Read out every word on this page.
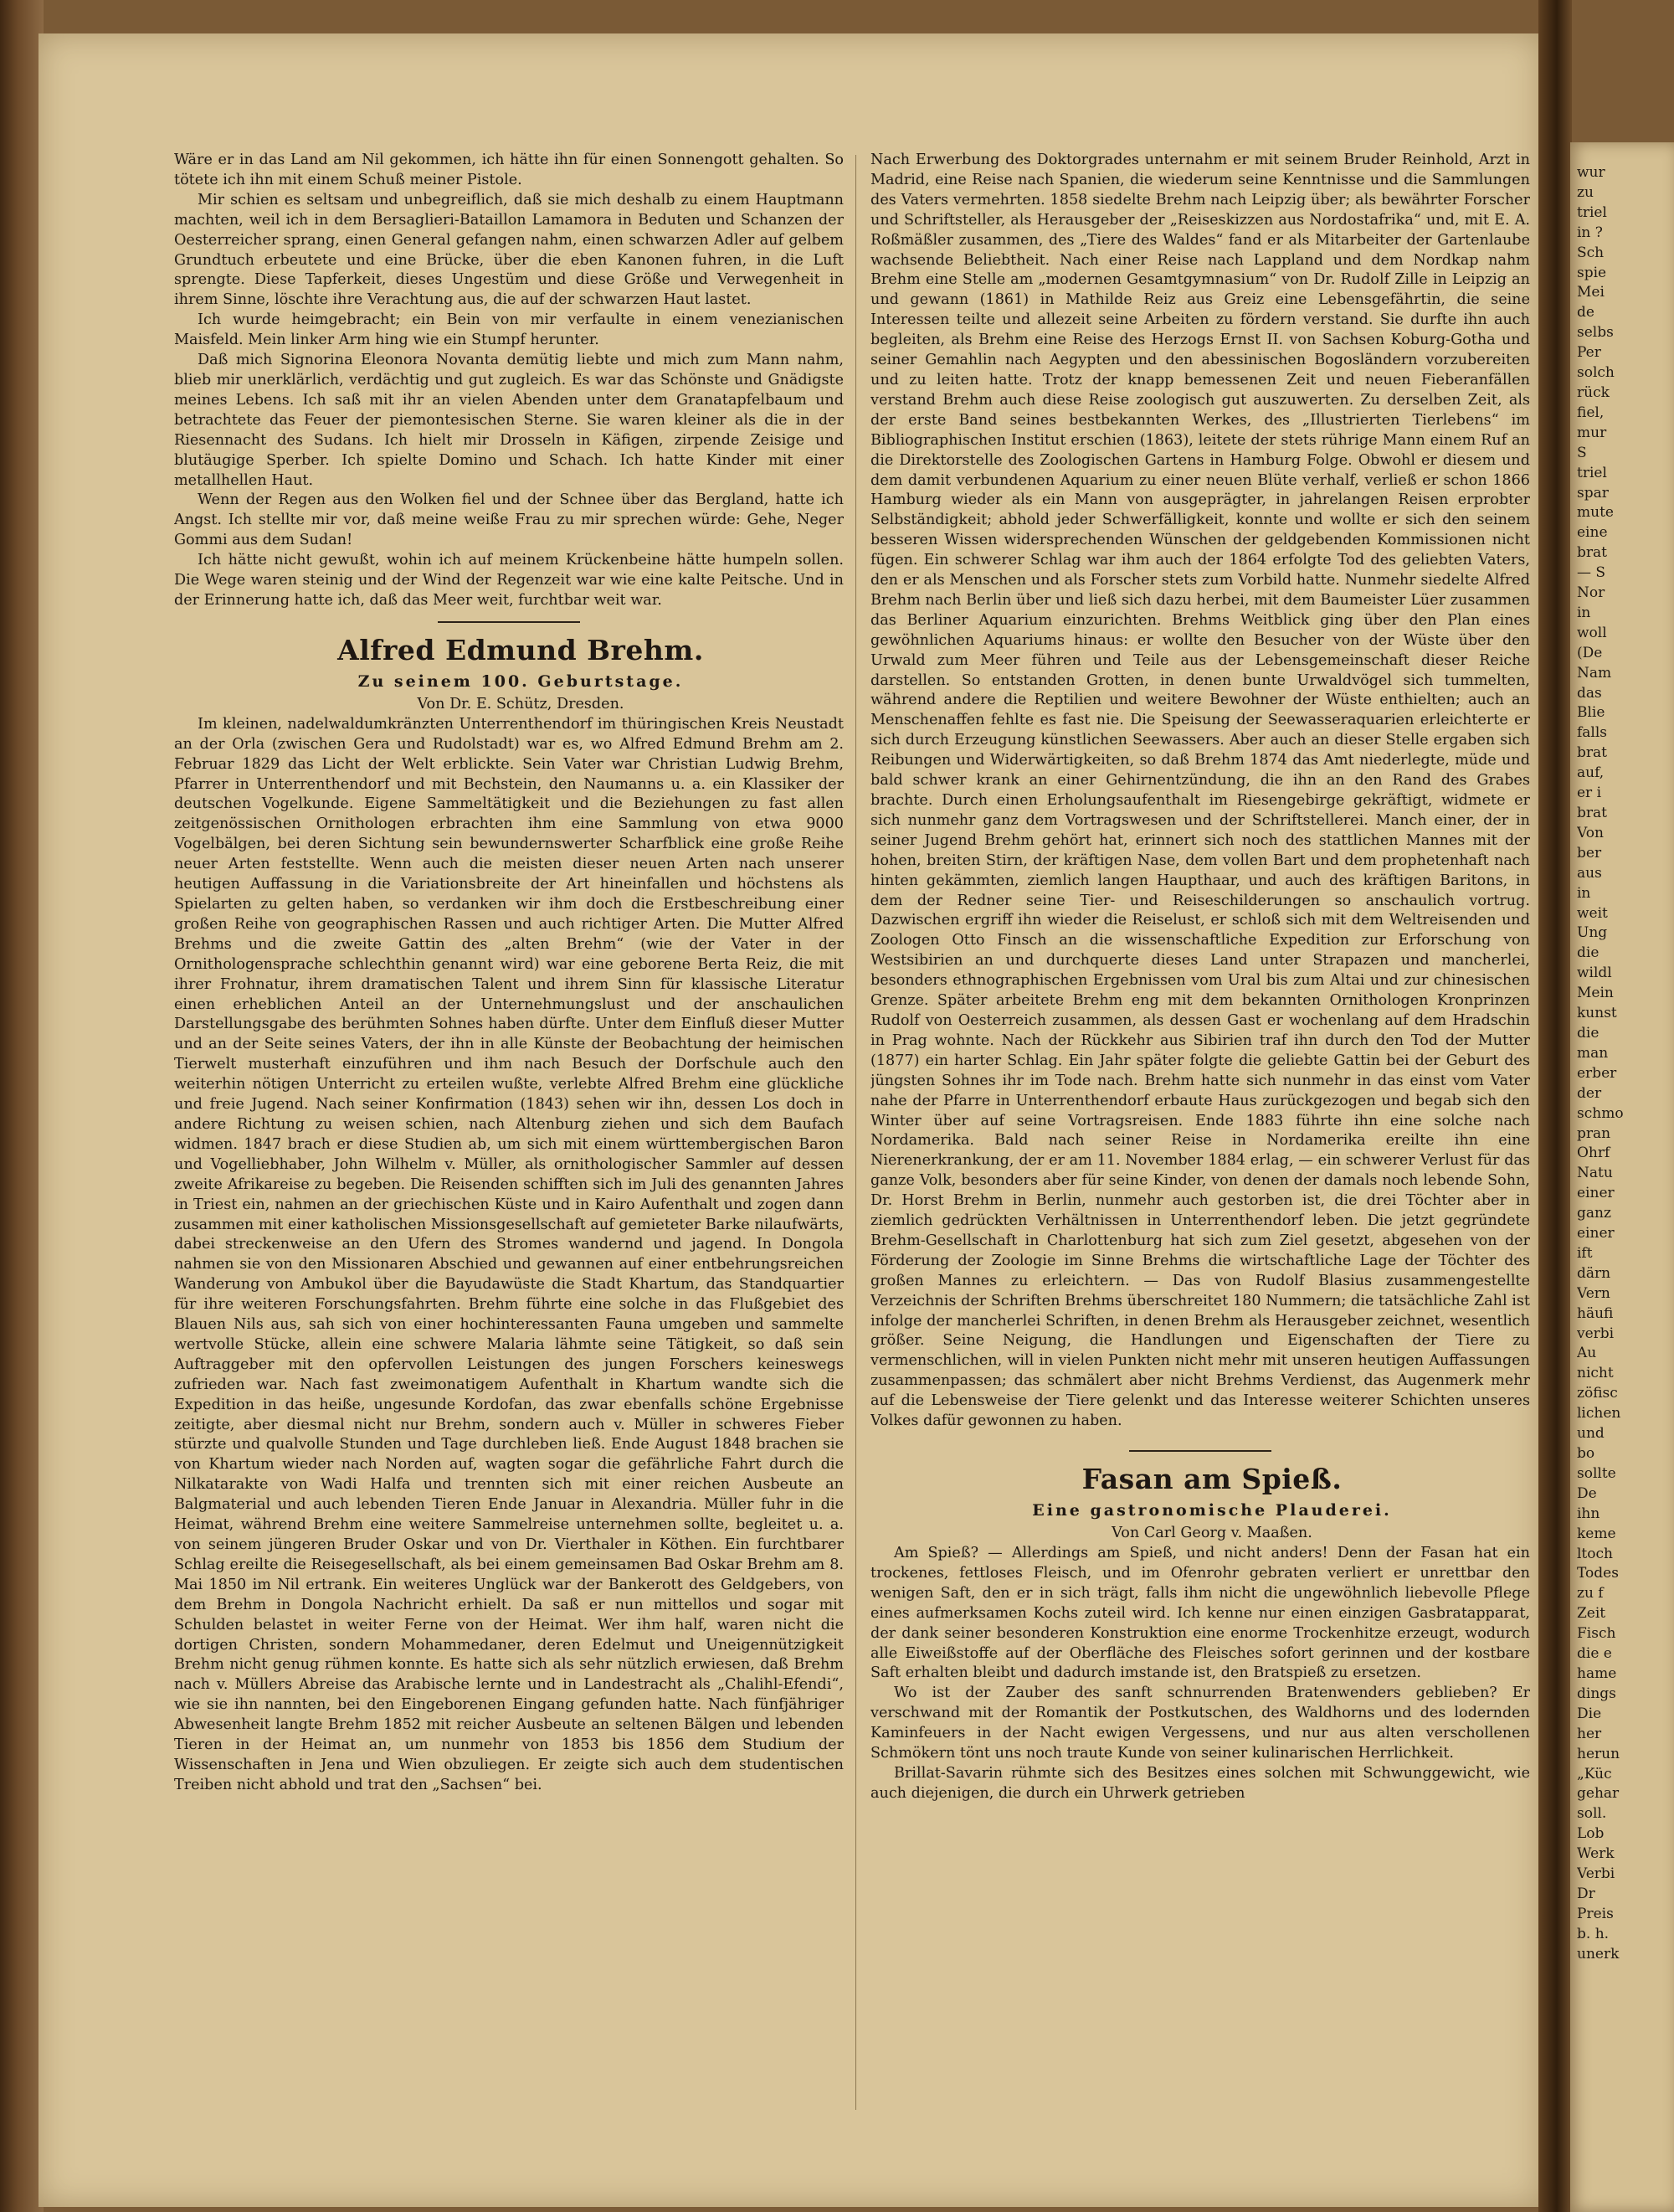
Wäre er in das Land am Nil gekommen, ich hätte ihn für einen Sonnengott gehalten. So tötete ich ihn mit einem Schuß meiner Pistole.

Mir schien es seltsam und unbegreiflich, daß sie mich deshalb zu einem Hauptmann machten, weil ich in dem Bersaglieri-Bataillon Lamamora in Beduten und Schanzen der Oesterreicher sprang, einen General gefangen nahm, einen schwarzen Adler auf gelbem Grundtuch erbeutete und eine Brücke, über die eben Kanonen fuhren, in die Luft sprengte. Diese Tapferkeit, dieses Ungestüm und diese Größe und Verwegenheit in ihrem Sinne, löschte ihre Verachtung aus, die auf der schwarzen Haut lastet.

Ich wurde heimgebracht; ein Bein von mir verfaulte in einem venezianischen Maisfeld. Mein linker Arm hing wie ein Stumpf herunter.

Daß mich Signorina Eleonora Novanta demütig liebte und mich zum Mann nahm, blieb mir unerklärlich, verdächtig und gut zugleich. Es war das Schönste und Gnädigste meines Lebens. Ich saß mit ihr an vielen Abenden unter dem Granatapfelbaum und betrachtete das Feuer der piemontesischen Sterne. Sie waren kleiner als die in der Riesennacht des Sudans. Ich hielt mir Drosseln in Käfigen, zirpende Zeisige und blutäugige Sperber. Ich spielte Domino und Schach. Ich hatte Kinder mit einer metallhellen Haut.

Wenn der Regen aus den Wolken fiel und der Schnee über das Bergland, hatte ich Angst. Ich stellte mir vor, daß meine weiße Frau zu mir sprechen würde: Gehe, Neger Gommi aus dem Sudan!

Ich hätte nicht gewußt, wohin ich auf meinem Krückenbeine hätte humpeln sollen. Die Wege waren steinig und der Wind der Regenzeit war wie eine kalte Peitsche. Und in der Erinnerung hatte ich, daß das Meer weit, furchtbar weit war.

Alfred Edmund Brehm.

Zu seinem 100. Geburtstage.

Von Dr. E. Schütz, Dresden.

Im kleinen, nadelwaldumkränzten Unterrenthendorf im thüringischen Kreis Neustadt an der Orla (zwischen Gera und Rudolstadt) war es, wo Alfred Edmund Brehm am 2. Februar 1829 das Licht der Welt erblickte. Sein Vater war Christian Ludwig Brehm, Pfarrer in Unterrenthendorf und mit Bechstein, den Naumanns u. a. ein Klassiker der deutschen Vogelkunde. Eigene Sammeltätigkeit und die Beziehungen zu fast allen zeitgenössischen Ornithologen erbrachten ihm eine Sammlung von etwa 9000 Vogelbälgen, bei deren Sichtung sein bewundernswerter Scharfblick eine große Reihe neuer Arten feststellte. Wenn auch die meisten dieser neuen Arten nach unserer heutigen Auffassung in die Variationsbreite der Art hineinfallen und höchstens als Spielarten zu gelten haben, so verdanken wir ihm doch die Erstbeschreibung einer großen Reihe von geographischen Rassen und auch richtiger Arten. Die Mutter Alfred Brehms und die zweite Gattin des „alten Brehm“ (wie der Vater in der Ornithologensprache schlechthin genannt wird) war eine geborene Berta Reiz, die mit ihrer Frohnatur, ihrem dramatischen Talent und ihrem Sinn für klassische Literatur einen erheblichen Anteil an der Unternehmungslust und der anschaulichen Darstellungsgabe des berühmten Sohnes haben dürfte. Unter dem Einfluß dieser Mutter und an der Seite seines Vaters, der ihn in alle Künste der Beobachtung der heimischen Tierwelt musterhaft einzuführen und ihm nach Besuch der Dorfschule auch den weiterhin nötigen Unterricht zu erteilen wußte, verlebte Alfred Brehm eine glückliche und freie Jugend. Nach seiner Konfirmation (1843) sehen wir ihn, dessen Los doch in andere Richtung zu weisen schien, nach Altenburg ziehen und sich dem Baufach widmen. 1847 brach er diese Studien ab, um sich mit einem württembergischen Baron und Vogelliebhaber, John Wilhelm v. Müller, als ornithologischer Sammler auf dessen zweite Afrikareise zu begeben. Die Reisenden schifften sich im Juli des genannten Jahres in Triest ein, nahmen an der griechischen Küste und in Kairo Aufenthalt und zogen dann zusammen mit einer katholischen Missionsgesellschaft auf gemieteter Barke nilaufwärts, dabei streckenweise an den Ufern des Stromes wandernd und jagend. In Dongola nahmen sie von den Missionaren Abschied und gewannen auf einer entbehrungsreichen Wanderung von Ambukol über die Bayudawüste die Stadt Khartum, das Standquartier für ihre weiteren Forschungsfahrten. Brehm führte eine solche in das Flußgebiet des Blauen Nils aus, sah sich von einer hochinteressanten Fauna umgeben und sammelte wertvolle Stücke, allein eine schwere Malaria lähmte seine Tätigkeit, so daß sein Auftraggeber mit den opfervollen Leistungen des jungen Forschers keineswegs zufrieden war. Nach fast zweimonatigem Aufenthalt in Khartum wandte sich die Expedition in das heiße, ungesunde Kordofan, das zwar ebenfalls schöne Ergebnisse zeitigte, aber diesmal nicht nur Brehm, sondern auch v. Müller in schweres Fieber stürzte und qualvolle Stunden und Tage durchleben ließ. Ende August 1848 brachen sie von Khartum wieder nach Norden auf, wagten sogar die gefährliche Fahrt durch die Nilkatarakte von Wadi Halfa und trennten sich mit einer reichen Ausbeute an Balgmaterial und auch lebenden Tieren Ende Januar in Alexandria. Müller fuhr in die Heimat, während Brehm eine weitere Sammelreise unternehmen sollte, begleitet u. a. von seinem jüngeren Bruder Oskar und von Dr. Vierthaler in Köthen. Ein furchtbarer Schlag ereilte die Reisegesellschaft, als bei einem gemeinsamen Bad Oskar Brehm am 8. Mai 1850 im Nil ertrank. Ein weiteres Unglück war der Bankerott des Geldgebers, von dem Brehm in Dongola Nachricht erhielt. Da saß er nun mittellos und sogar mit Schulden belastet in weiter Ferne von der Heimat. Wer ihm half, waren nicht die dortigen Christen, sondern Mohammedaner, deren Edelmut und Uneigennützigkeit Brehm nicht genug rühmen konnte. Es hatte sich als sehr nützlich erwiesen, daß Brehm nach v. Müllers Abreise das Arabische lernte und in Landestracht als „Chalihl-Efendi“, wie sie ihn nannten, bei den Eingeborenen Eingang gefunden hatte. Nach fünfjähriger Abwesenheit langte Brehm 1852 mit reicher Ausbeute an seltenen Bälgen und lebenden Tieren in der Heimat an, um nunmehr von 1853 bis 1856 dem Studium der Wissenschaften in Jena und Wien obzuliegen. Er zeigte sich auch dem studentischen Treiben nicht abhold und trat den „Sachsen“ bei.

Nach Erwerbung des Doktorgrades unternahm er mit seinem Bruder Reinhold, Arzt in Madrid, eine Reise nach Spanien, die wiederum seine Kenntnisse und die Sammlungen des Vaters vermehrten. 1858 siedelte Brehm nach Leipzig über; als bewährter Forscher und Schriftsteller, als Herausgeber der „Reiseskizzen aus Nordostafrika“ und, mit E. A. Roßmäßler zusammen, des „Tiere des Waldes“ fand er als Mitarbeiter der Gartenlaube wachsende Beliebtheit. Nach einer Reise nach Lappland und dem Nordkap nahm Brehm eine Stelle am „modernen Gesamtgymnasium“ von Dr. Rudolf Zille in Leipzig an und gewann (1861) in Mathilde Reiz aus Greiz eine Lebensgefährtin, die seine Interessen teilte und allezeit seine Arbeiten zu fördern verstand. Sie durfte ihn auch begleiten, als Brehm eine Reise des Herzogs Ernst II. von Sachsen Koburg-Gotha und seiner Gemahlin nach Aegypten und den abessinischen Bogosländern vorzubereiten und zu leiten hatte. Trotz der knapp bemessenen Zeit und neuen Fieberanfällen verstand Brehm auch diese Reise zoologisch gut auszuwerten. Zu derselben Zeit, als der erste Band seines bestbekannten Werkes, des „Illustrierten Tierlebens“ im Bibliographischen Institut erschien (1863), leitete der stets rührige Mann einem Ruf an die Direktorstelle des Zoologischen Gartens in Hamburg Folge. Obwohl er diesem und dem damit verbundenen Aquarium zu einer neuen Blüte verhalf, verließ er schon 1866 Hamburg wieder als ein Mann von ausgeprägter, in jahrelangen Reisen erprobter Selbständigkeit; abhold jeder Schwerfälligkeit, konnte und wollte er sich den seinem besseren Wissen widersprechenden Wünschen der geldgebenden Kommissionen nicht fügen. Ein schwerer Schlag war ihm auch der 1864 erfolgte Tod des geliebten Vaters, den er als Menschen und als Forscher stets zum Vorbild hatte. Nunmehr siedelte Alfred Brehm nach Berlin über und ließ sich dazu herbei, mit dem Baumeister Lüer zusammen das Berliner Aquarium einzurichten. Brehms Weitblick ging über den Plan eines gewöhnlichen Aquariums hinaus: er wollte den Besucher von der Wüste über den Urwald zum Meer führen und Teile aus der Lebensgemeinschaft dieser Reiche darstellen. So entstanden Grotten, in denen bunte Urwaldvögel sich tummelten, während andere die Reptilien und weitere Bewohner der Wüste enthielten; auch an Menschenaffen fehlte es fast nie. Die Speisung der Seewasseraquarien erleichterte er sich durch Erzeugung künstlichen Seewassers. Aber auch an dieser Stelle ergaben sich Reibungen und Widerwärtigkeiten, so daß Brehm 1874 das Amt niederlegte, müde und bald schwer krank an einer Gehirnentzündung, die ihn an den Rand des Grabes brachte. Durch einen Erholungsaufenthalt im Riesengebirge gekräftigt, widmete er sich nunmehr ganz dem Vortragswesen und der Schriftstellerei. Manch einer, der in seiner Jugend Brehm gehört hat, erinnert sich noch des stattlichen Mannes mit der hohen, breiten Stirn, der kräftigen Nase, dem vollen Bart und dem prophetenhaft nach hinten gekämmten, ziemlich langen Haupthaar, und auch des kräftigen Baritons, in dem der Redner seine Tier- und Reiseschilderungen so anschaulich vortrug. Dazwischen ergriff ihn wieder die Reiselust, er schloß sich mit dem Weltreisenden und Zoologen Otto Finsch an die wissenschaftliche Expedition zur Erforschung von Westsibirien an und durchquerte dieses Land unter Strapazen und mancherlei, besonders ethnographischen Ergebnissen vom Ural bis zum Altai und zur chinesischen Grenze. Später arbeitete Brehm eng mit dem bekannten Ornithologen Kronprinzen Rudolf von Oesterreich zusammen, als dessen Gast er wochenlang auf dem Hradschin in Prag wohnte. Nach der Rückkehr aus Sibirien traf ihn durch den Tod der Mutter (1877) ein harter Schlag. Ein Jahr später folgte die geliebte Gattin bei der Geburt des jüngsten Sohnes ihr im Tode nach. Brehm hatte sich nunmehr in das einst vom Vater nahe der Pfarre in Unterrenthendorf erbaute Haus zurückgezogen und begab sich den Winter über auf seine Vortragsreisen. Ende 1883 führte ihn eine solche nach Nordamerika. Bald nach seiner Reise in Nordamerika ereilte ihn eine Nierenerkrankung, der er am 11. November 1884 erlag, — ein schwerer Verlust für das ganze Volk, besonders aber für seine Kinder, von denen der damals noch lebende Sohn, Dr. Horst Brehm in Berlin, nunmehr auch gestorben ist, die drei Töchter aber in ziemlich gedrückten Verhältnissen in Unterrenthendorf leben. Die jetzt gegründete Brehm-Gesellschaft in Charlottenburg hat sich zum Ziel gesetzt, abgesehen von der Förderung der Zoologie im Sinne Brehms die wirtschaftliche Lage der Töchter des großen Mannes zu erleichtern. — Das von Rudolf Blasius zusammengestellte Verzeichnis der Schriften Brehms überschreitet 180 Nummern; die tatsächliche Zahl ist infolge der mancherlei Schriften, in denen Brehm als Herausgeber zeichnet, wesentlich größer. Seine Neigung, die Handlungen und Eigenschaften der Tiere zu vermenschlichen, will in vielen Punkten nicht mehr mit unseren heutigen Auffassungen zusammenpassen; das schmälert aber nicht Brehms Verdienst, das Augenmerk mehr auf die Lebensweise der Tiere gelenkt und das Interesse weiterer Schichten unseres Volkes dafür gewonnen zu haben.

Fasan am Spieß.

Eine gastronomische Plauderei.

Von Carl Georg v. Maaßen.

Am Spieß? — Allerdings am Spieß, und nicht anders! Denn der Fasan hat ein trockenes, fettloses Fleisch, und im Ofenrohr gebraten verliert er unrettbar den wenigen Saft, den er in sich trägt, falls ihm nicht die ungewöhnlich liebevolle Pflege eines aufmerksamen Kochs zuteil wird. Ich kenne nur einen einzigen Gasbratapparat, der dank seiner besonderen Konstruktion eine enorme Trockenhitze erzeugt, wodurch alle Eiweißstoffe auf der Oberfläche des Fleisches sofort gerinnen und der kostbare Saft erhalten bleibt und dadurch imstande ist, den Bratspieß zu ersetzen.

Wo ist der Zauber des sanft schnurrenden Bratenwenders geblieben? Er verschwand mit der Romantik der Postkutschen, des Waldhorns und des lodernden Kaminfeuers in der Nacht ewigen Vergessens, und nur aus alten verschollenen Schmökern tönt uns noch traute Kunde von seiner kulinarischen Herrlichkeit.

Brillat-Savarin rühmte sich des Besitzes eines solchen mit Schwunggewicht, wie auch diejenigen, die durch ein Uhrwerk getrieben

wur
zu
triel
in ?
Sch
spie
Mei
de
selbs
Per
solch
rück
fiel,
mur
S
triel
spar
mute
eine
brat
— S
Nor
in
woll
(De
Nam
das
Blie
falls
brat
auf,
er i
brat
Von
ber
aus
in
weit
Ung
die
wildl
Mein
kunst
die
man
erber
der
schmo
pran
Ohrf
Natu
einer
ganz
einer
ift
därn
Vern
häufi
verbi
Au
nicht
zöfisc
lichen
und
bo
sollte
De
ihn
keme
ltoch
Todes
zu f
Zeit
Fisch
die e
hame
dings
Die
her
herun
„Küc
gehar
soll.
Lob
Werk
Verbi
Dr
Preis
b. h.
unerk
